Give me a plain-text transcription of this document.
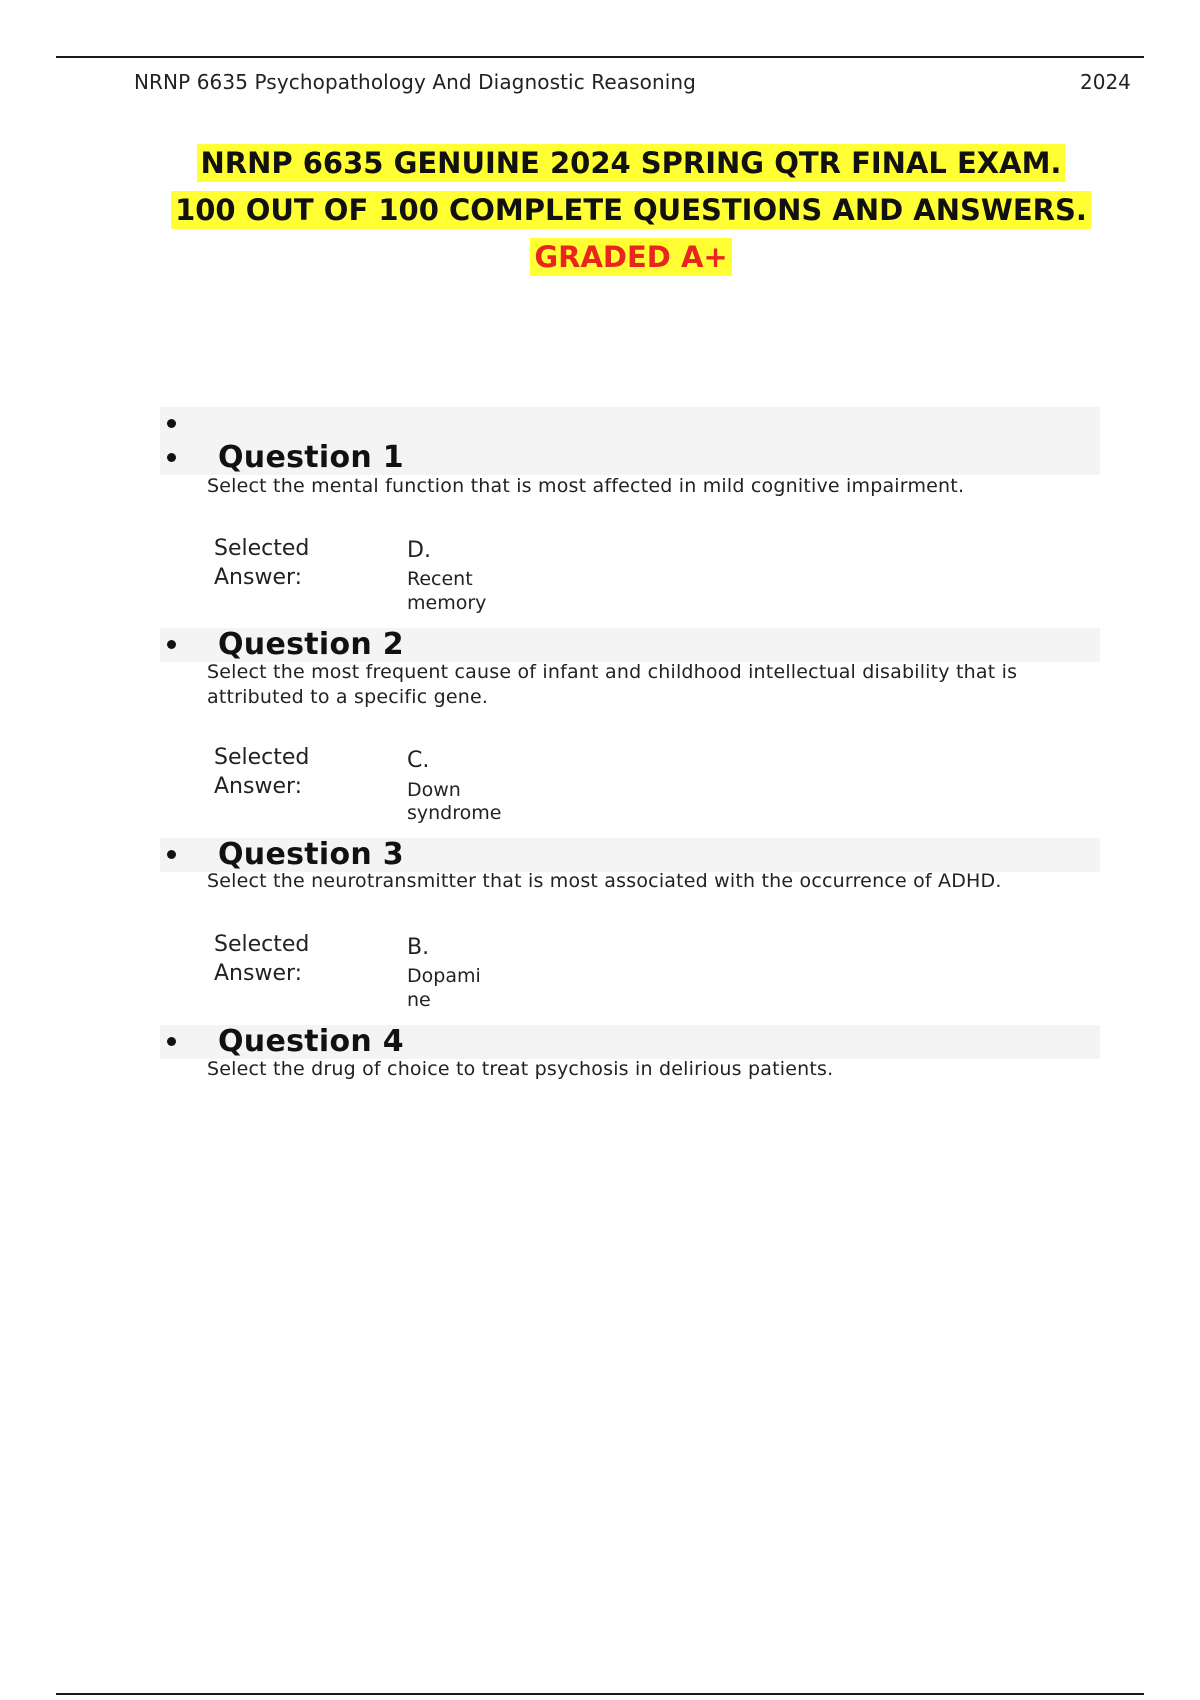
NRNP 6635 Psychopathology And Diagnostic Reasoning	2024
NRNP 6635 GENUINE 2024 SPRING QTR FINAL EXAM.
100 OUT OF 100 COMPLETE QUESTIONS AND ANSWERS.
GRADED A+
Question 1
Select the mental function that is most affected in mild cognitive impairment.
Selected
Answer:
D.
Recent
memory
Question 2
Select the most frequent cause of infant and childhood intellectual disability that is attributed to a specific gene.
Selected
Answer:
C.
Down
syndrome
Question 3
Select the neurotransmitter that is most associated with the occurrence of ADHD.
Selected
Answer:
B.
Dopami
ne
Question 4
Select the drug of choice to treat psychosis in delirious patients.
